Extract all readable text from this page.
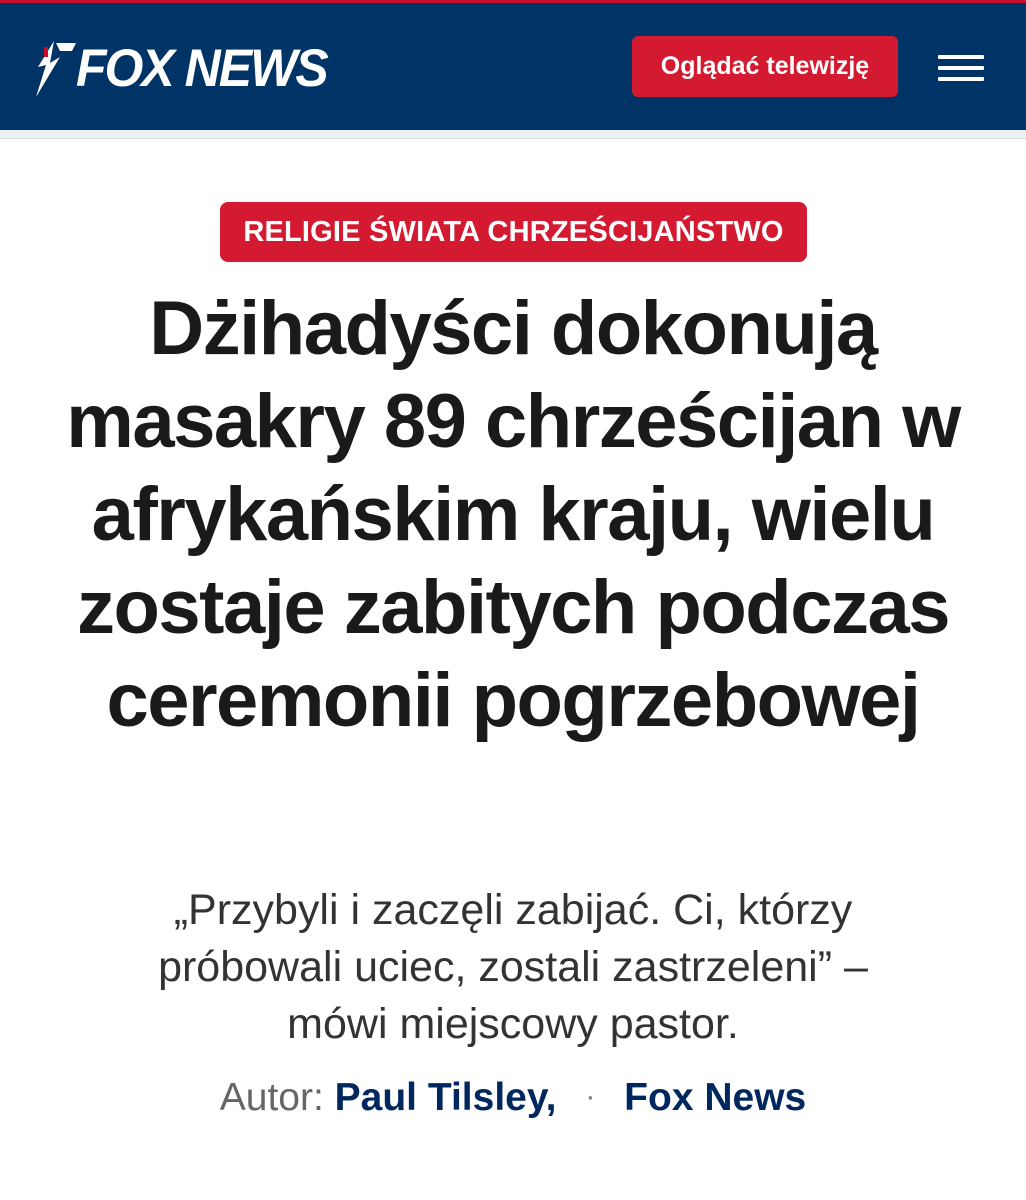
FOX NEWS	Oglądać telewizję
RELIGIE ŚWIATA CHRZEŚCIJAŃSTWO
Dżihadyści dokonują masakry 89 chrześcijan w afrykańskim kraju, wielu zostaje zabitych podczas ceremonii pogrzebowej

„Przybyli i zaczęli zabijać. Ci, którzy próbowali uciec, zostali zastrzeleni” – mówi miejscowy pastor.

Autor: Paul Tilsley, · Fox News
